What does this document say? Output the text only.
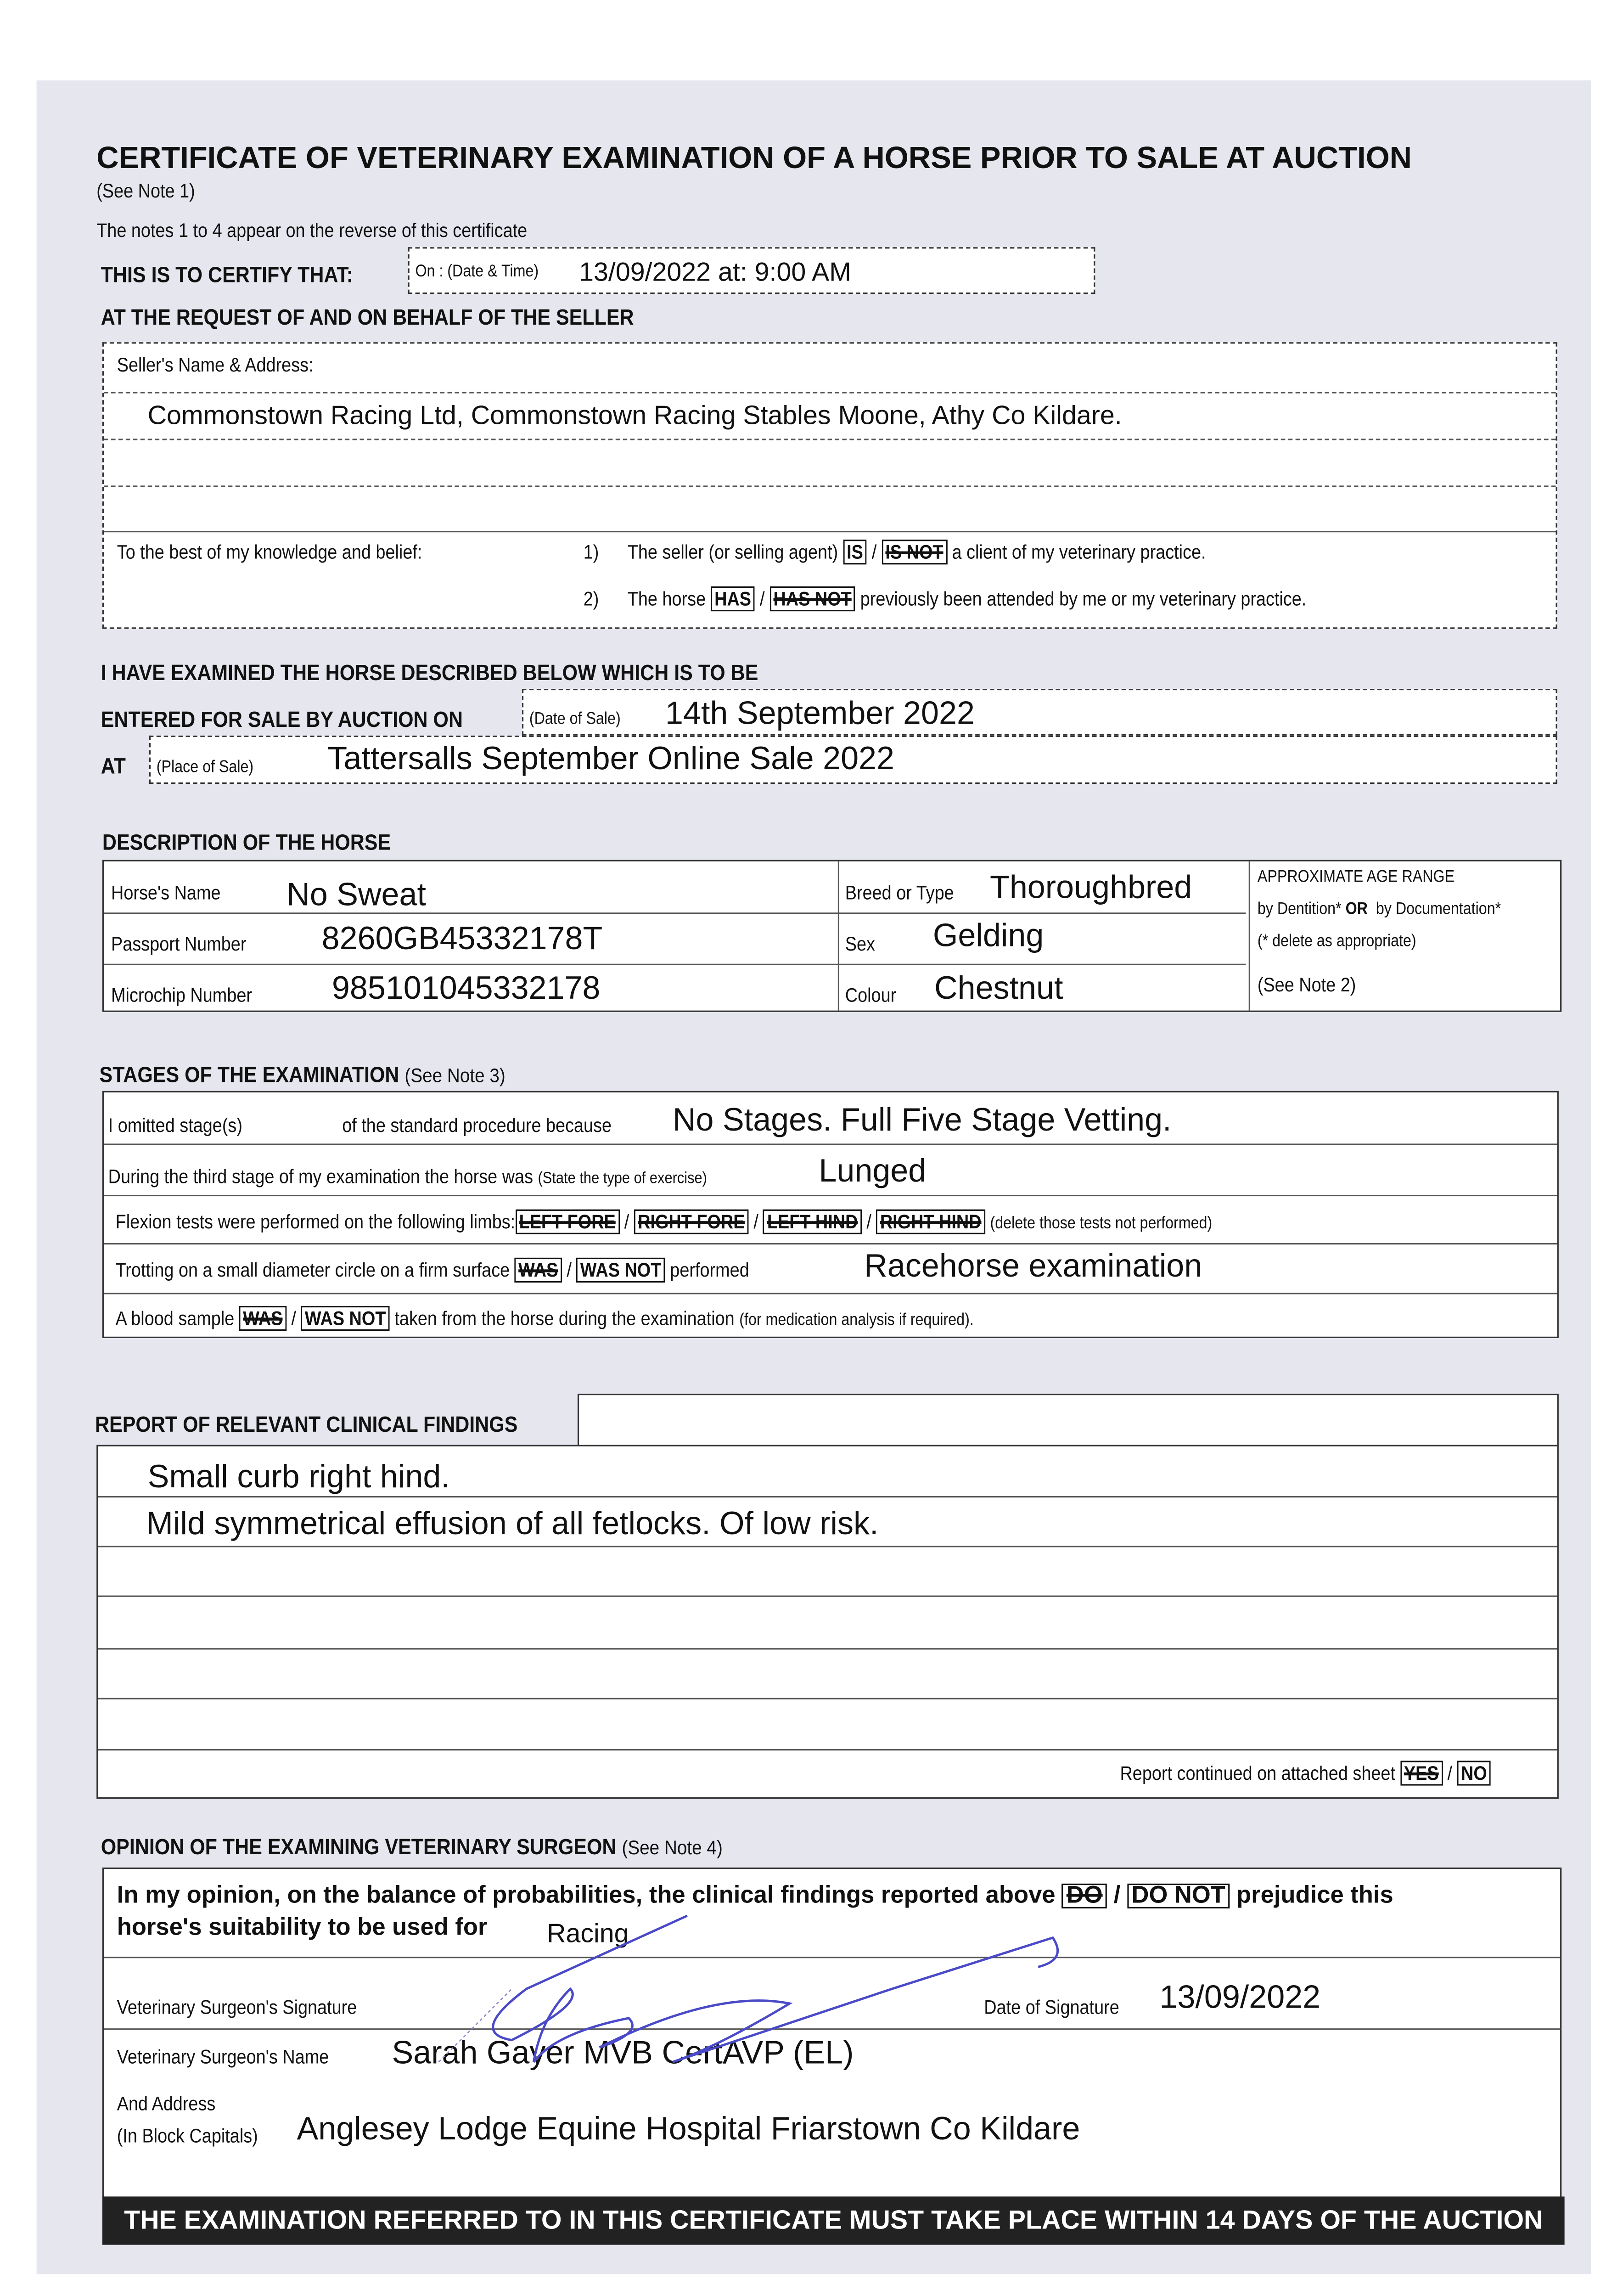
CERTIFICATE OF VETERINARY EXAMINATION OF A HORSE PRIOR TO SALE AT AUCTION
(See Note 1)
The notes 1 to 4 appear on the reverse of this certificate
THIS IS TO CERTIFY THAT:	On : (Date & Time)	13/09/2022 at: 9:00 AM
AT THE REQUEST OF AND ON BEHALF OF THE SELLER
Seller's Name & Address:
Commonstown Racing Ltd, Commonstown Racing Stables Moone, Athy Co Kildare.
To the best of my knowledge and belief:	1)	The seller (or selling agent) IS / IS NOT a client of my veterinary practice.
2)	The horse HAS / HAS NOT previously been attended by me or my veterinary practice.
I HAVE EXAMINED THE HORSE DESCRIBED BELOW WHICH IS TO BE
ENTERED FOR SALE BY AUCTION ON	(Date of Sale)	14th September 2022
AT	(Place of Sale)	Tattersalls September Online Sale 2022
DESCRIPTION OF THE HORSE
Horse's Name	No Sweat
Passport Number	8260GB45332178T
Microchip Number	985101045332178
Breed or Type	Thoroughbred
Sex	Gelding
Colour	Chestnut
APPROXIMATE AGE RANGE
by Dentition* OR by Documentation*
(* delete as appropriate)
(See Note 2)
STAGES OF THE EXAMINATION (See Note 3)
I omitted stage(s)	of the standard procedure because	No Stages. Full Five Stage Vetting.
During the third stage of my examination the horse was (State the type of exercise)	Lunged
Flexion tests were performed on the following limbs: LEFT FORE / RIGHT FORE / LEFT HIND / RIGHT HIND (delete those tests not performed)
Trotting on a small diameter circle on a firm surface WAS / WAS NOT performed	Racehorse examination
A blood sample WAS / WAS NOT taken from the horse during the examination (for medication analysis if required).
REPORT OF RELEVANT CLINICAL FINDINGS
Small curb right hind.
Mild symmetrical effusion of all fetlocks. Of low risk.
Report continued on attached sheet YES / NO
OPINION OF THE EXAMINING VETERINARY SURGEON (See Note 4)
In my opinion, on the balance of probabilities, the clinical findings reported above DO / DO NOT prejudice this
horse's suitability to be used for	Racing
Veterinary Surgeon's Signature	Date of Signature	13/09/2022
Veterinary Surgeon's Name	Sarah Gayer MVB CertAVP (EL)
And Address
(In Block Capitals)	Anglesey Lodge Equine Hospital Friarstown Co Kildare
THE EXAMINATION REFERRED TO IN THIS CERTIFICATE MUST TAKE PLACE WITHIN 14 DAYS OF THE AUCTION
